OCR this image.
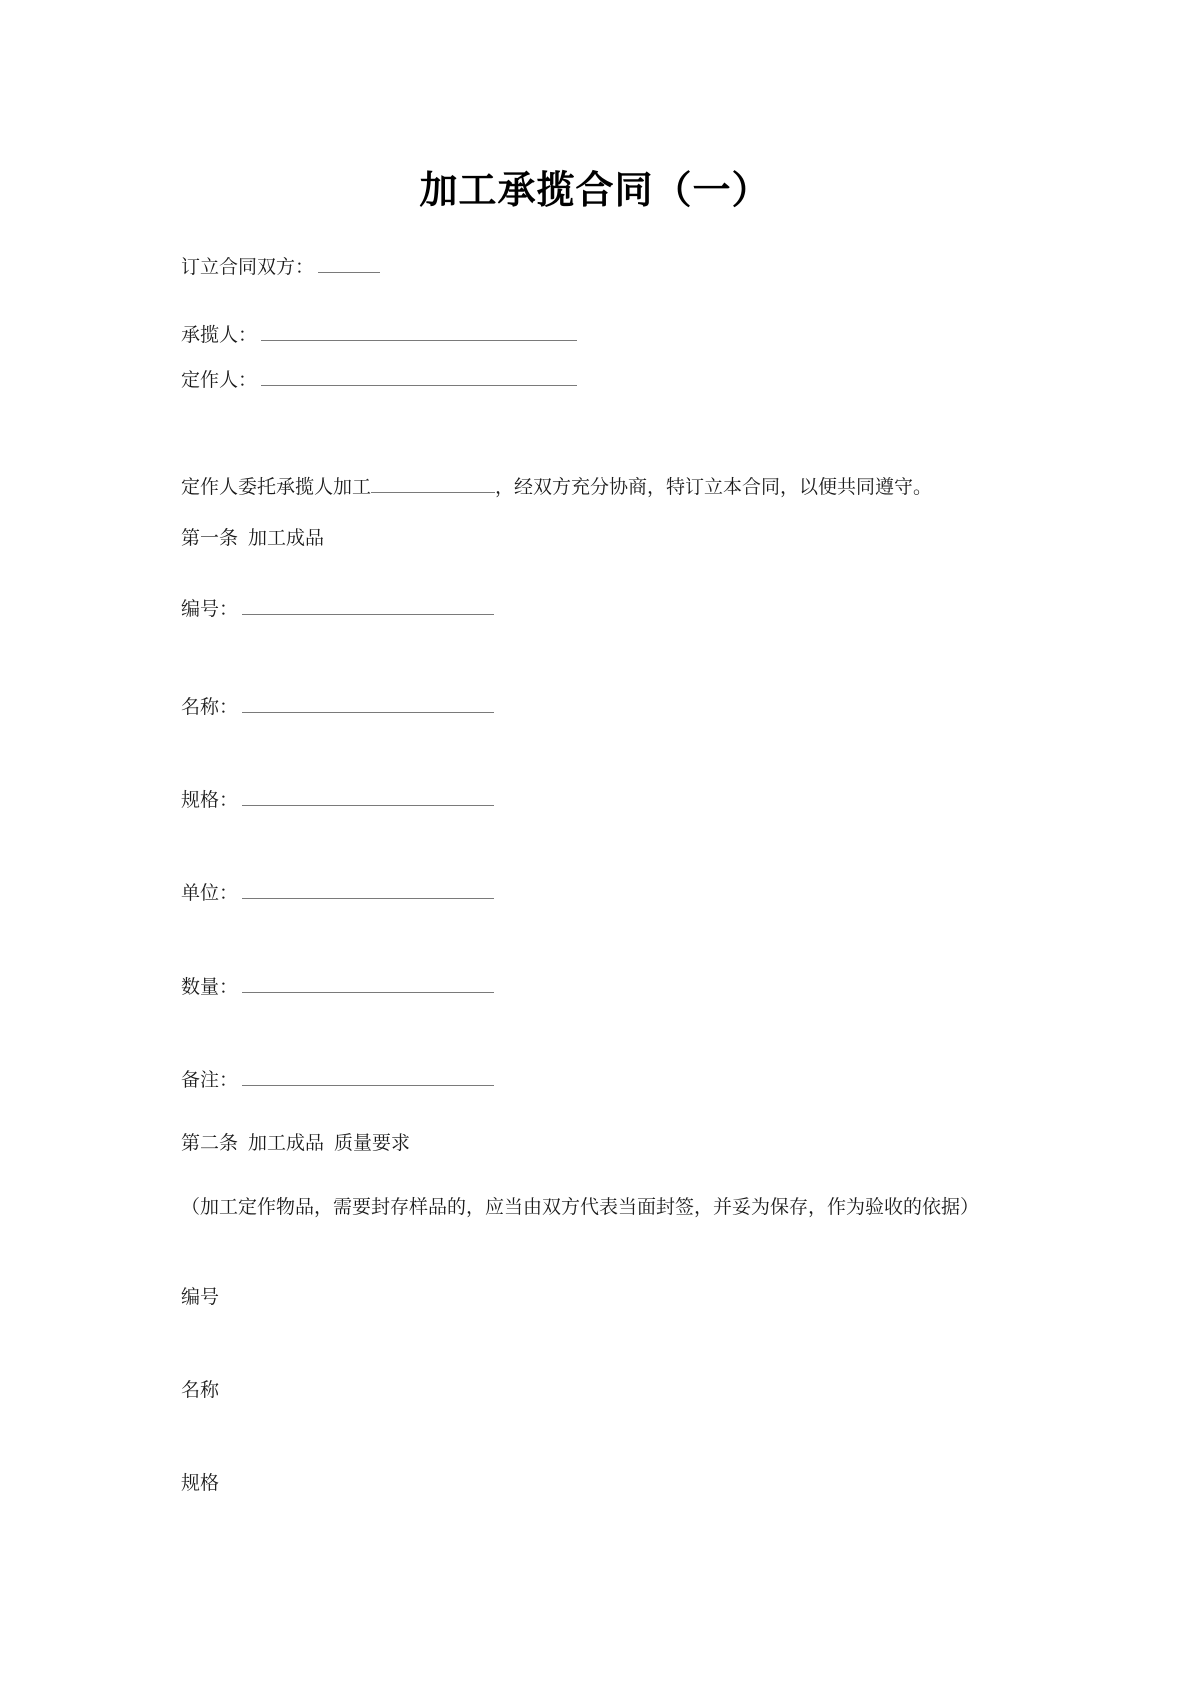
加工承揽合同（一）
订立合同双方：
承揽人：
定作人：
定作人委托承揽人加工	，经双方充分协商，特订立本合同，以便共同遵守。
第一条 加工成品
编号：
名称：
规格：
单位：
数量：
备注：
第二条 加工成品 质量要求
（加工定作物品，需要封存样品的，应当由双方代表当面封签，并妥为保存，作为验收的依据）
编号
名称
规格
